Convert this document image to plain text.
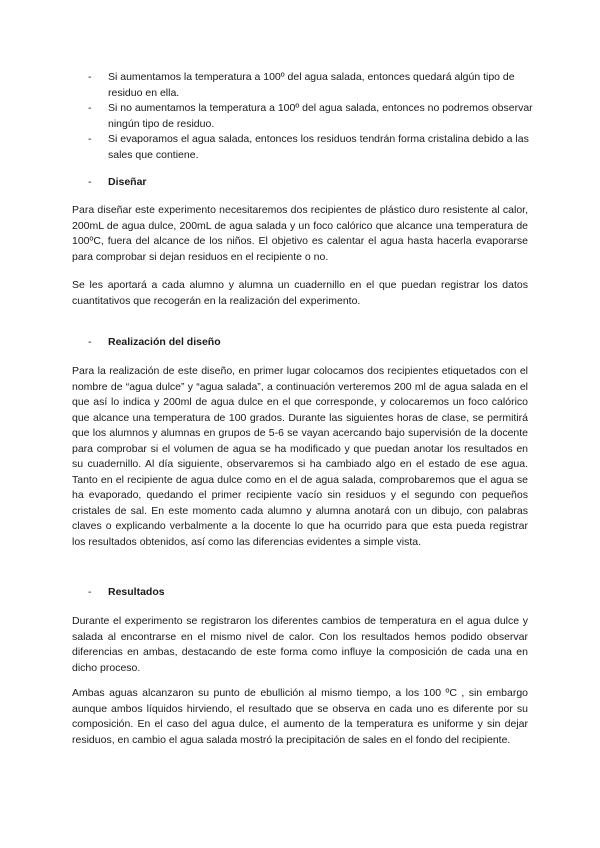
- Si aumentamos la temperatura a 100º del agua salada, entonces quedará algún tipo de residuo en ella.
- Si no aumentamos la temperatura a 100º del agua salada, entonces no podremos observar ningún tipo de residuo.
- Si evaporamos el agua salada, entonces los residuos tendrán forma cristalina debido a las sales que contiene.
- Diseñar

Para diseñar este experimento necesitaremos dos recipientes de plástico duro resistente al calor, 200mL de agua dulce, 200mL de agua salada y un foco calórico que alcance una temperatura de 100ºC, fuera del alcance de los niños. El objetivo es calentar el agua hasta hacerla evaporarse para comprobar si dejan residuos en el recipiente o no.

Se les aportará a cada alumno y alumna un cuadernillo en el que puedan registrar los datos cuantitativos que recogerán en la realización del experimento.

- Realización del diseño

Para la realización de este diseño, en primer lugar colocamos dos recipientes etiquetados con el nombre de “agua dulce” y “agua salada”, a continuación verteremos 200 ml de agua salada en el que así lo indica y 200ml de agua dulce en el que corresponde, y colocaremos un foco calórico que alcance una temperatura de 100 grados. Durante las siguientes horas de clase, se permitirá que los alumnos y alumnas en grupos de 5-6 se vayan acercando bajo supervisión de la docente para comprobar si el volumen de agua se ha modificado y que puedan anotar los resultados en su cuadernillo. Al día siguiente, observaremos si ha cambiado algo en el estado de ese agua. Tanto en el recipiente de agua dulce como en el de agua salada, comprobaremos que el agua se ha evaporado, quedando el primer recipiente vacío sin residuos y el segundo con pequeños cristales de sal. En este momento cada alumno y alumna anotará con un dibujo, con palabras claves o explicando verbalmente a la docente lo que ha ocurrido para que esta pueda registrar los resultados obtenidos, así como las diferencias evidentes a simple vista.

- Resultados

Durante el experimento se registraron los diferentes cambios de temperatura en el agua dulce y salada al encontrarse en el mismo nivel de calor. Con los resultados hemos podido observar diferencias en ambas, destacando de este forma como influye la composición de cada una en dicho proceso.

Ambas aguas alcanzaron su punto de ebullición al mismo tiempo, a los 100 ºC , sin embargo aunque ambos líquidos hirviendo, el resultado que se observa en cada uno es diferente por su composición. En el caso del agua dulce, el aumento de la temperatura es uniforme y sin dejar residuos, en cambio el agua salada mostró la precipitación de sales en el fondo del recipiente.
